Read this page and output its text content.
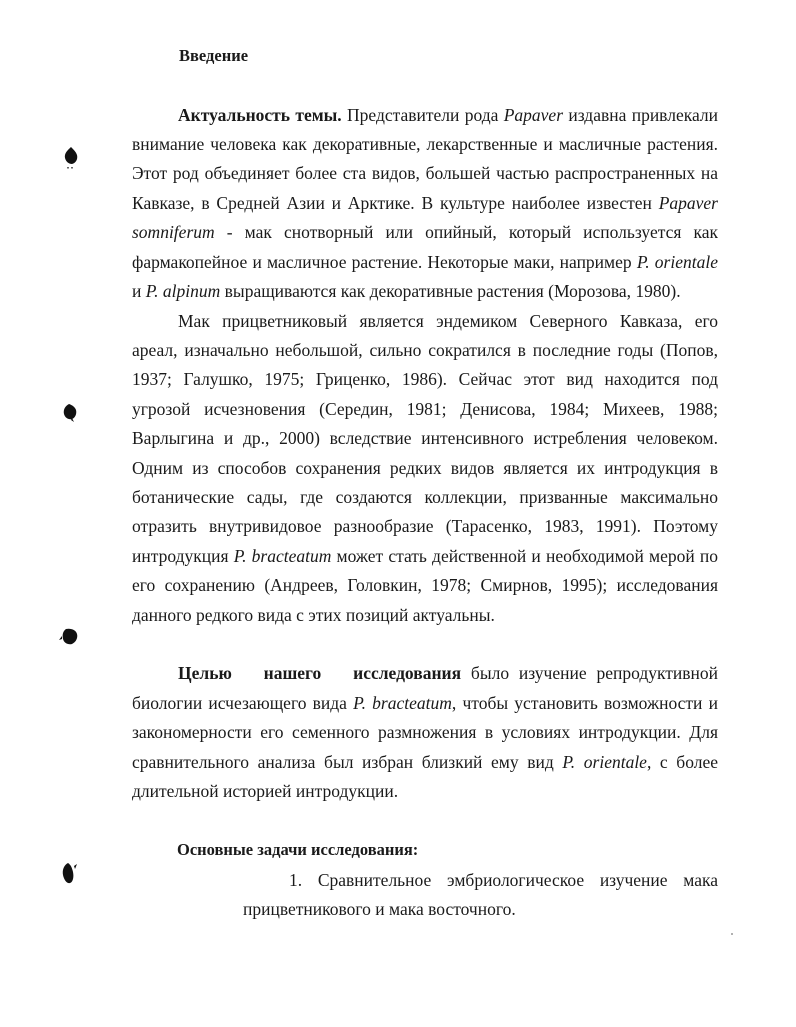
Введение
Актуальность темы. Представители рода Papaver издавна привлекали
внимание человека как декоративные, лекарственные и масличные растения.
Этот род объединяет более ста видов, большей частью распространенных на
Кавказе, в Средней Азии и Арктике. В культуре наиболее известен Papaver
somniferum - мак снотворный или опийный, который используется как
фармакопейное и масличное растение. Некоторые маки, например P. orientale
и P. alpinum выращиваются как декоративные растения (Морозова, 1980).
Мак прицветниковый является эндемиком Северного Кавказа, его
ареал, изначально небольшой, сильно сократился в последние годы (Попов,
1937; Галушко, 1975; Гриценко, 1986). Сейчас этот вид находится под
угрозой исчезновения (Середин, 1981; Денисова, 1984; Михеев, 1988;
Варлыгина и др., 2000) вследствие интенсивного истребления человеком.
Одним из способов сохранения редких видов является их интродукция в
ботанические сады, где создаются коллекции, призванные максимально
отразить внутривидовое разнообразие (Тарасенко, 1983, 1991). Поэтому
интродукция P. bracteatum может стать действенной и необходимой мерой по
его сохранению (Андреев, Головкин, 1978; Смирнов, 1995); исследования
данного редкого вида с этих позиций актуальны.
Целью нашего исследования было изучение репродуктивной
биологии исчезающего вида P. bracteatum, чтобы установить возможности и
закономерности его семенного размножения в условиях интродукции. Для
сравнительного анализа был избран близкий ему вид P. orientale, с более
длительной историей интродукции.
Основные задачи исследования:
1. Сравнительное эмбриологическое изучение мака
прицветникового и мака восточного.
